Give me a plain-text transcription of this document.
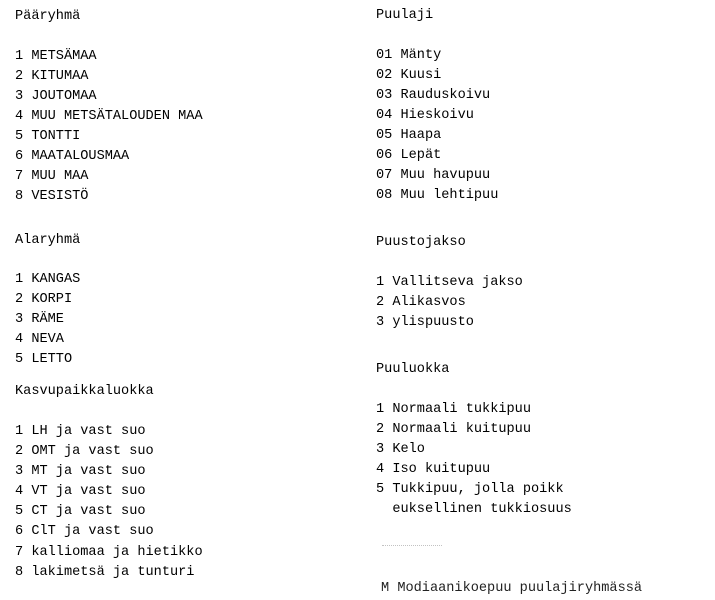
Pääryhmä
1 METSÄMAA
2 KITUMAA
3 JOUTOMAA
4 MUU METSÄTALOUDEN MAA
5 TONTTI
6 MAATALOUSMAA
7 MUU MAA
8 VESISTÖ
Alaryhmä
1 KANGAS
2 KORPI
3 RÄME
4 NEVA
5 LETTO
Kasvupaikkaluokka
1 LH ja vast suo
2 OMT ja vast suo
3 MT ja vast suo
4 VT ja vast suo
5 CT ja vast suo
6 ClT ja vast suo
7 kalliomaa ja hietikko
8 lakimetsä ja tunturi
Puulaji
01 Mänty
02 Kuusi
03 Rauduskoivu
04 Hieskoivu
05 Haapa
06 Lepät
07 Muu havupuu
08 Muu lehtipuu
Puustojakso
1 Vallitseva jakso
2 Alikasvos
3 ylispuusto
Puuluokka
1 Normaali tukkipuu
2 Normaali kuitupuu
3 Kelo
4 Iso kuitupuu
5 Tukkipuu, jolla poikk
euksellinen tukkiosuus
M Modiaanikoepuu puulajiryhmässä
